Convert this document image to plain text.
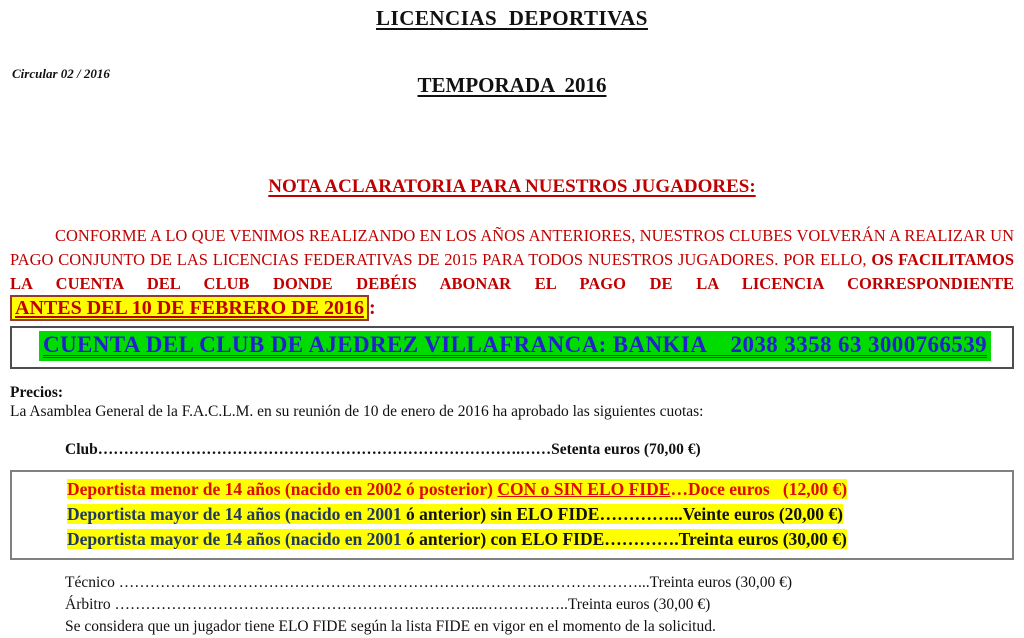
LICENCIAS  DEPORTIVAS
Circular 02 / 2016	TEMPORADA  2016
NOTA ACLARATORIA PARA NUESTROS JUGADORES:

CONFORME A LO QUE VENIMOS REALIZANDO EN LOS AÑOS ANTERIORES, NUESTROS CLUBES VOLVERÁN A REALIZAR UN PAGO CONJUNTO DE LAS LICENCIAS FEDERATIVAS DE 2015 PARA TODOS NUESTROS JUGADORES. POR ELLO, OS FACILITAMOS LA CUENTA DEL CLUB DONDE DEBÉIS ABONAR EL PAGO DE LA LICENCIA CORRESPONDIENTE ANTES DEL 10 DE FEBRERO DE 2016 :

CUENTA DEL CLUB DE AJEDREZ VILLAFRANCA: BANKIA    2038 3358 63 3000766539
Precios:
La Asamblea General de la F.A.C.L.M. en su reunión de 10 de enero de 2016 ha aprobado las siguientes cuotas:
Club……………………………………………………………………….……Setenta euros (70,00 €)
Deportista menor de 14 años (nacido en 2002 ó posterior) CON o SIN ELO FIDE…Doce euros   (12,00 €)
Deportista mayor de 14 años (nacido en 2001 ó anterior) sin ELO FIDE…………...Veinte euros (20,00 €)
Deportista mayor de 14 años (nacido en 2001 ó anterior) con ELO FIDE………….Treinta euros (30,00 €)
Técnico ………………………………………………………………………..………………...Treinta euros (30,00 €)
Árbitro ……………………………………………………………...……………..Treinta euros (30,00 €)
Se considera que un jugador tiene ELO FIDE según la lista FIDE en vigor en el momento de la solicitud.
